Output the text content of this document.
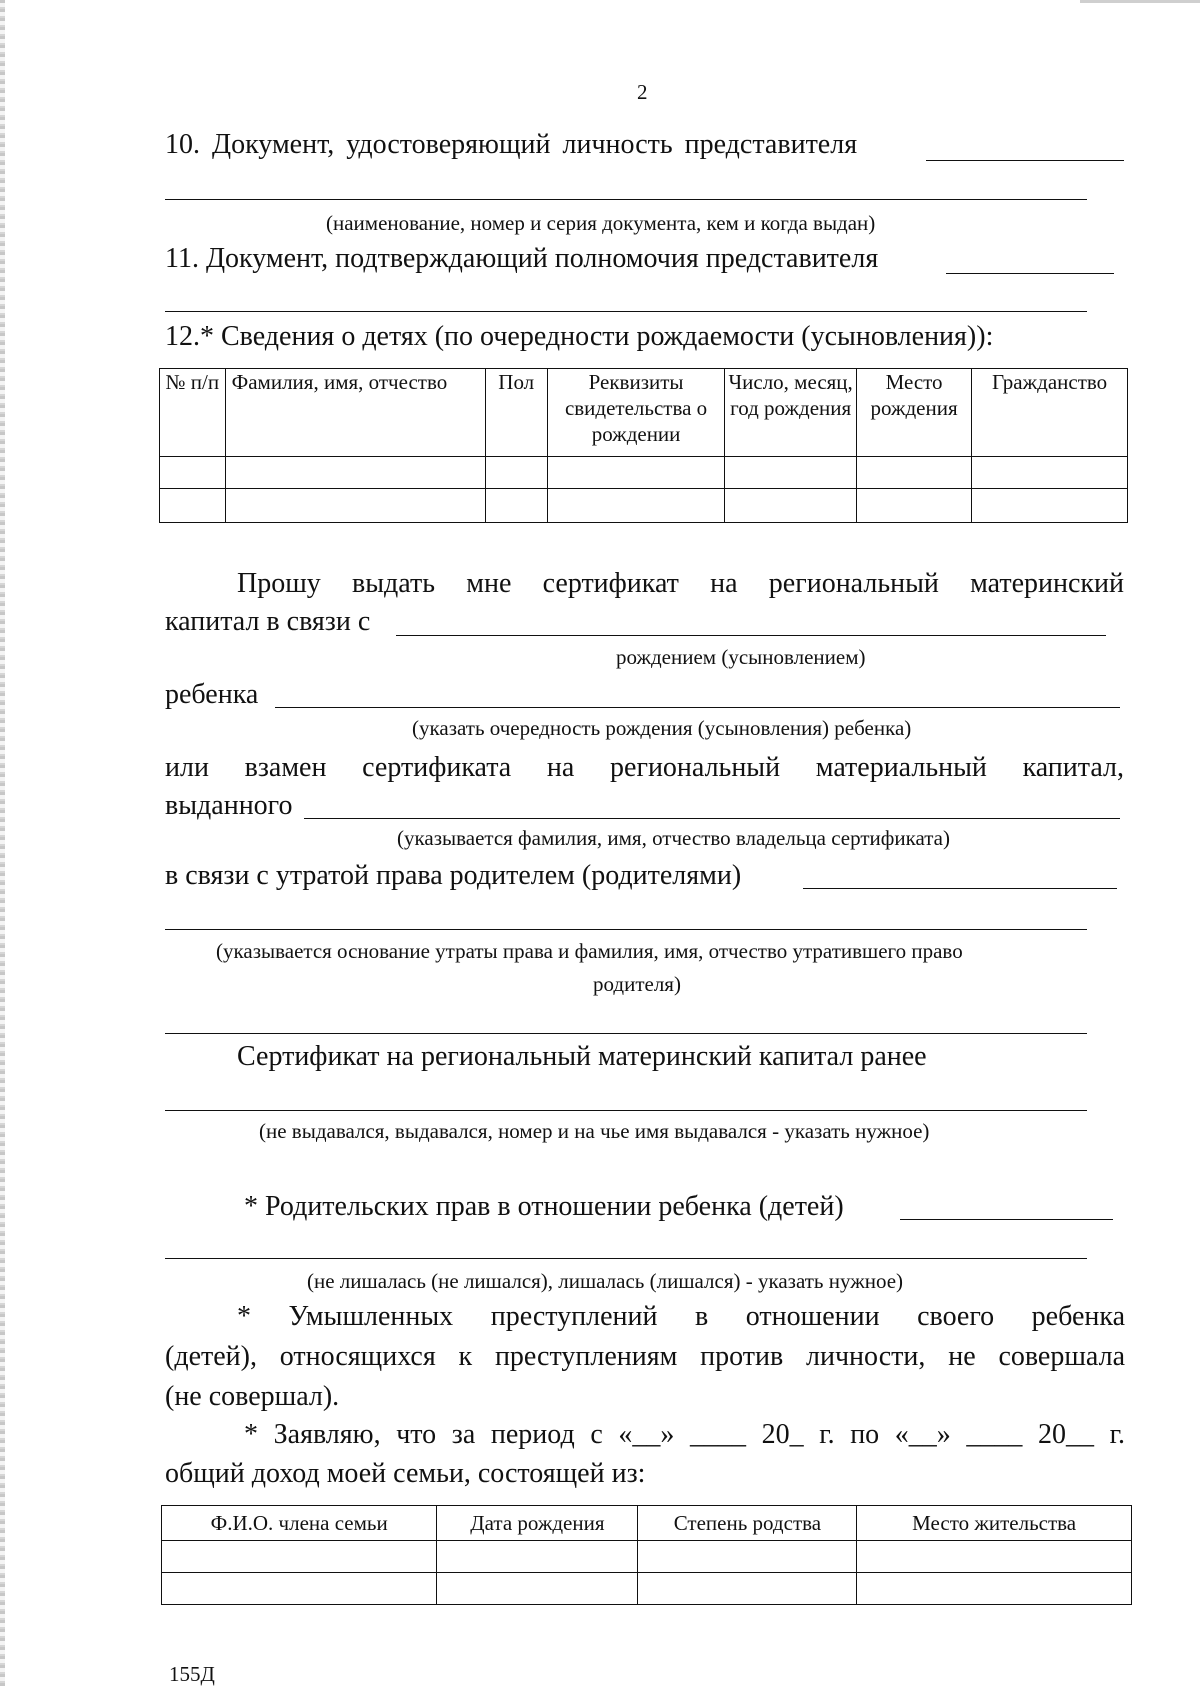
2
10. Документ, удостоверяющий личность представителя
(наименование, номер и серия документа, кем и когда выдан)
11. Документ, подтверждающий полномочия представителя
12.* Сведения о детях (по очередности рождаемости (усыновления)):
№ п/п	Фамилия, имя, отчество	Пол	Реквизиты свидетельства о рождении	Число, месяц, год рождения	Место рождения	Гражданство

Прошу выдать мне сертификат на региональный материнский
капитал в связи с
рождением (усыновлением)
ребенка
(указать очередность рождения (усыновления) ребенка)
или взамен сертификата на региональный материальный капитал,
выданного
(указывается фамилия, имя, отчество владельца сертификата)
в связи с утратой права родителем (родителями)
(указывается основание утраты права и фамилия, имя, отчество утратившего право
родителя)
Сертификат на региональный материнский капитал ранее
(не выдавался, выдавался, номер и на чье имя выдавался - указать нужное)
* Родительских прав в отношении ребенка (детей)
(не лишалась (не лишался), лишалась (лишался) - указать нужное)
* Умышленных преступлений в отношении своего ребенка
(детей), относящихся к преступлениям против личности, не совершала
(не совершал).
* Заявляю, что за период с «__» ____ 20_ г. по «__» ____ 20__ г.
общий доход моей семьи, состоящей из:
Ф.И.О. члена семьи	Дата рождения	Степень родства	Место жительства

155Д
